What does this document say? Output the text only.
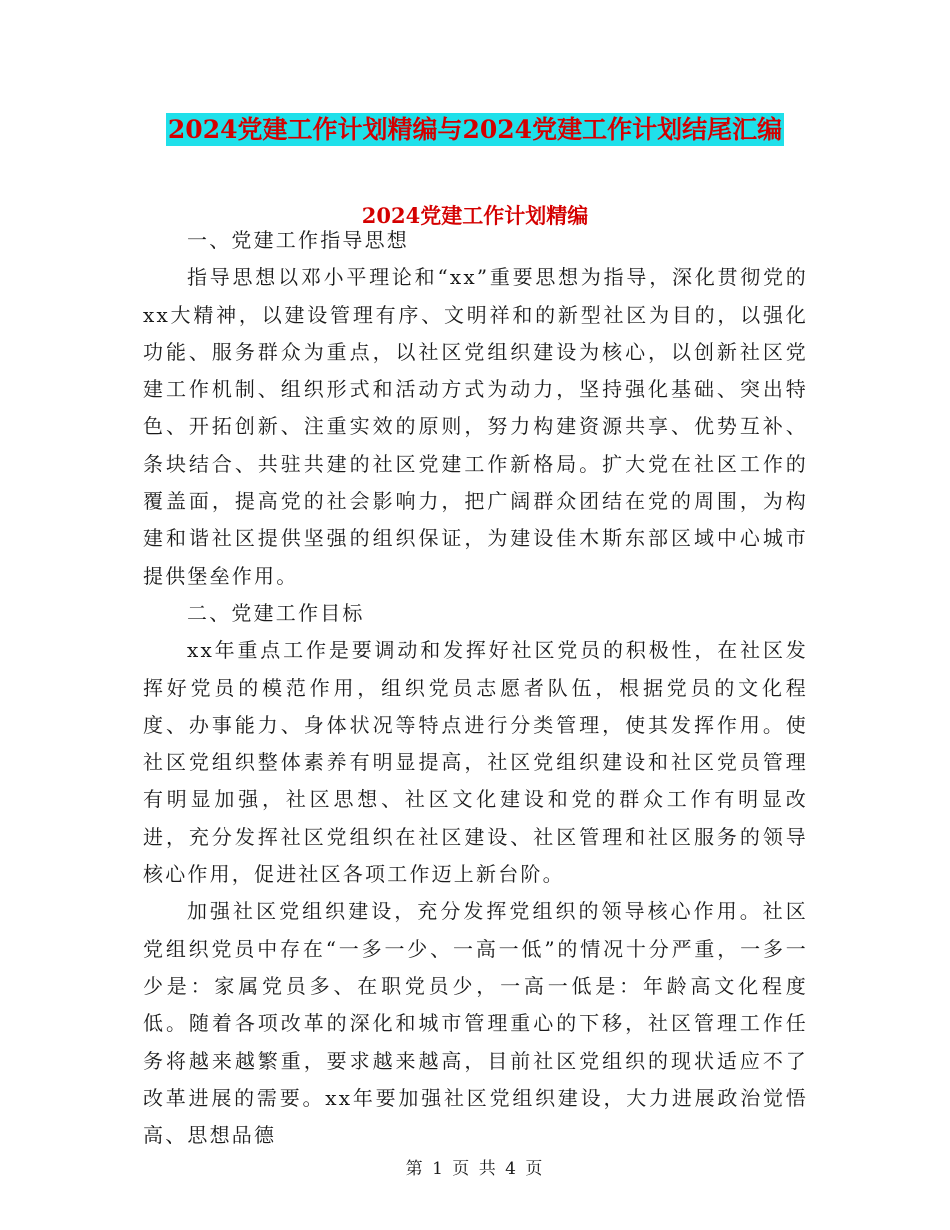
2024党建工作计划精编与2024党建工作计划结尾汇编
2024党建工作计划精编

一、党建工作指导思想

指导思想以邓小平理论和“xx”重要思想为指导，深化贯彻党的xx大精神，以建设管理有序、文明祥和的新型社区为目的，以强化功能、服务群众为重点，以社区党组织建设为核心，以创新社区党建工作机制、组织形式和活动方式为动力，坚持强化基础、突出特色、开拓创新、注重实效的原则，努力构建资源共享、优势互补、条块结合、共驻共建的社区党建工作新格局。扩大党在社区工作的覆盖面，提高党的社会影响力，把广阔群众团结在党的周围，为构建和谐社区提供坚强的组织保证，为建设佳木斯东部区域中心城市提供堡垒作用。

二、党建工作目标

xx年重点工作是要调动和发挥好社区党员的积极性，在社区发挥好党员的模范作用，组织党员志愿者队伍，根据党员的文化程度、办事能力、身体状况等特点进行分类管理，使其发挥作用。使社区党组织整体素养有明显提高，社区党组织建设和社区党员管理有明显加强，社区思想、社区文化建设和党的群众工作有明显改进，充分发挥社区党组织在社区建设、社区管理和社区服务的领导核心作用，促进社区各项工作迈上新台阶。

加强社区党组织建设，充分发挥党组织的领导核心作用。社区党组织党员中存在“一多一少、一高一低”的情况十分严重，一多一少是：家属党员多、在职党员少，一高一低是：年龄高文化程度低。随着各项改革的深化和城市管理重心的下移，社区管理工作任务将越来越繁重，要求越来越高，目前社区党组织的现状适应不了改革进展的需要。xx年要加强社区党组织建设，大力进展政治觉悟高、思想品德

第 1 页 共 4 页
